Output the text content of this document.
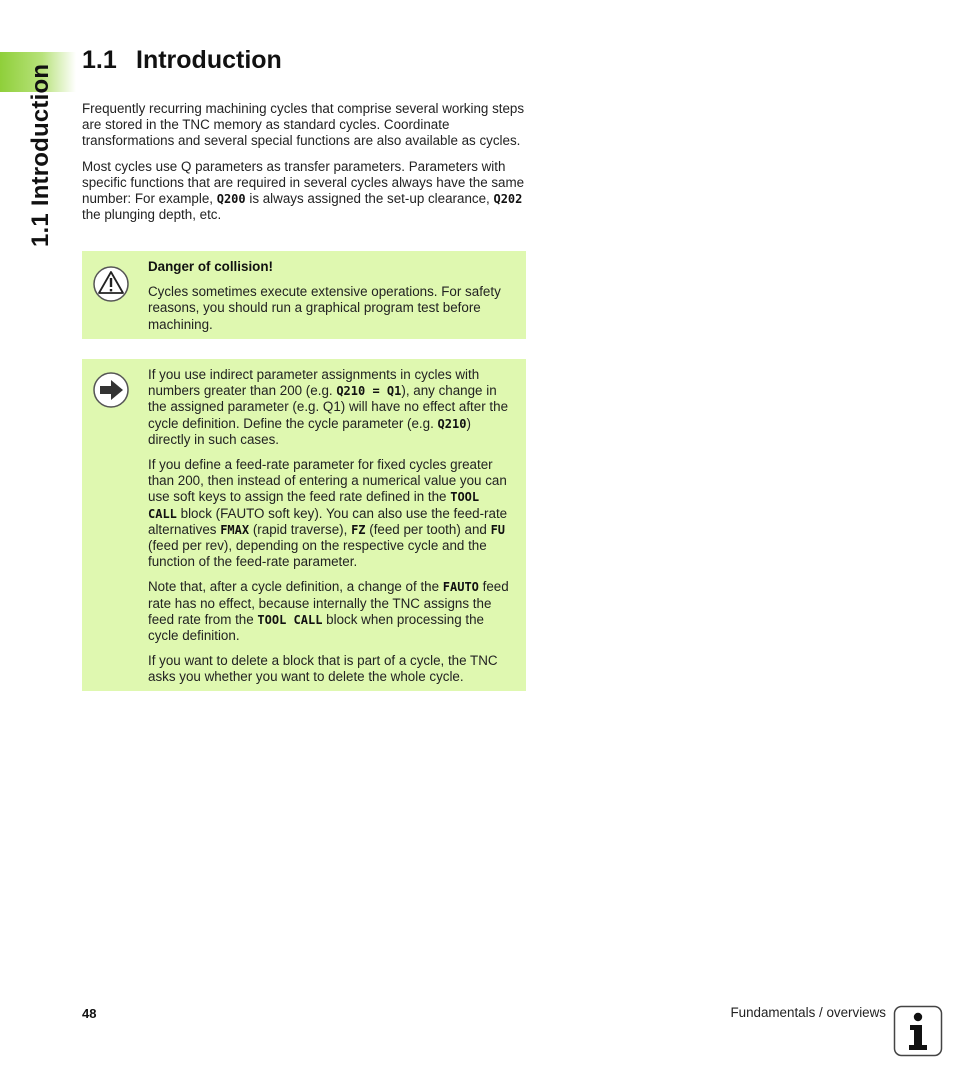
1.1 Introduction
1.1 Introduction

Frequently recurring machining cycles that comprise several working steps are stored in the TNC memory as standard cycles. Coordinate transformations and several special functions are also available as cycles.

Most cycles use Q parameters as transfer parameters. Parameters with specific functions that are required in several cycles always have the same number: For example, Q200 is always assigned the set-up clearance, Q202 the plunging depth, etc.

Danger of collision!

Cycles sometimes execute extensive operations. For safety reasons, you should run a graphical program test before machining.

If you use indirect parameter assignments in cycles with numbers greater than 200 (e.g. Q210 = Q1), any change in the assigned parameter (e.g. Q1) will have no effect after the cycle definition. Define the cycle parameter (e.g. Q210) directly in such cases.

If you define a feed-rate parameter for fixed cycles greater than 200, then instead of entering a numerical value you can use soft keys to assign the feed rate defined in the TOOL CALL block (FAUTO soft key). You can also use the feed-rate alternatives FMAX (rapid traverse), FZ (feed per tooth) and FU (feed per rev), depending on the respective cycle and the function of the feed-rate parameter.

Note that, after a cycle definition, a change of the FAUTO feed rate has no effect, because internally the TNC assigns the feed rate from the TOOL CALL block when processing the cycle definition.

If you want to delete a block that is part of a cycle, the TNC asks you whether you want to delete the whole cycle.

48	Fundamentals / overviews
